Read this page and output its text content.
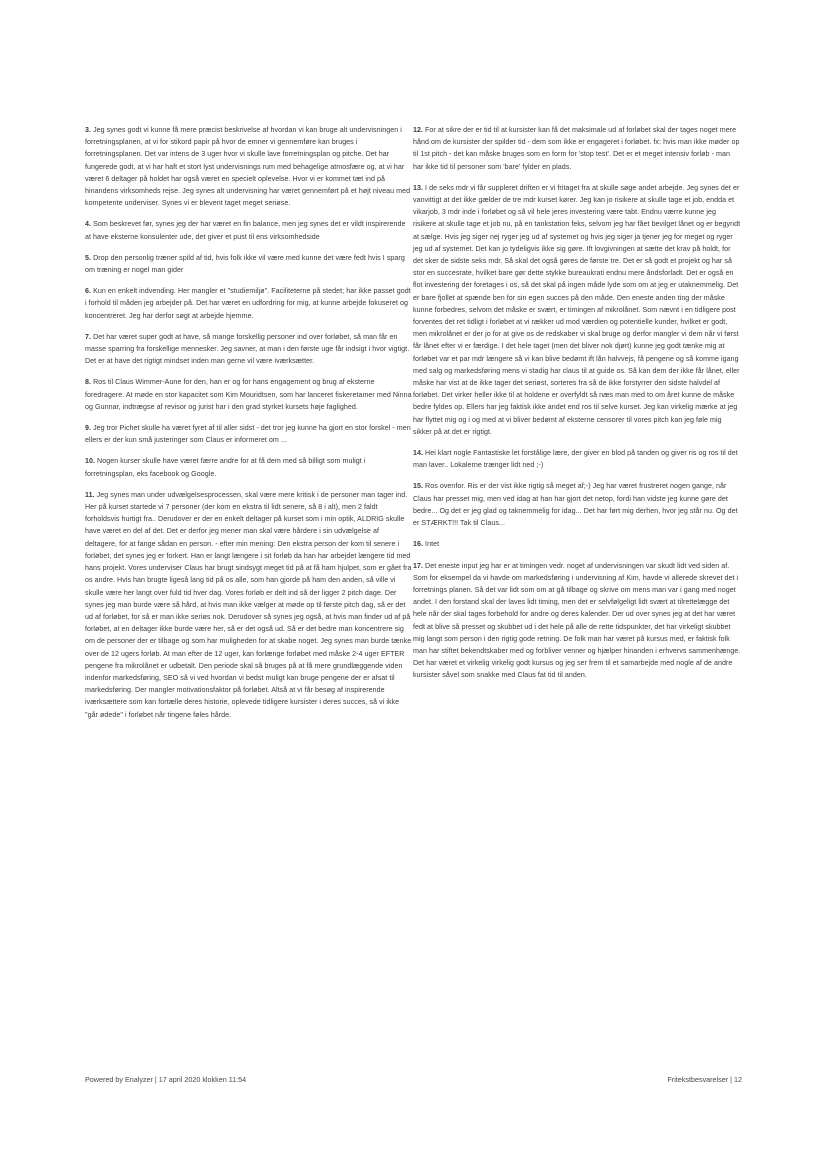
3. Jeg synes godt vi kunne få mere præcist beskrivelse af hvordan vi kan bruge alt undervisningen i forretningsplanen, at vi for stikord papir på hvor de emner vi gennemføre kan bruges i forretningsplanen. Det var intens de 3 uger hvor vi skulle lave forretningsplan og pitche. Det har fungerede godt, at vi har haft et stort lyst undervisnings rum med behagelige atmosfære og, at vi har været 6 deltager på holdet har også været en specielt oplevelse. Hvor vi er kommet tæt ind på hinandens virksomheds rejse. Jeg synes alt undervisning har været gennemført på et højt niveau med kompetente underviser. Synes vi er blevent taget meget seriøse.

4. Som beskrevet før, synes jeg der har været en fin balance, men jeg synes det er vildt inspirerende at have eksterne konsulenter ude, det giver et pust til ens virksomhedside

5. Drop den personlig træner spild af tid, hvis folk ikke vil være med kunne det være fedt hvis I sparg om træning er nogel man gider

6. Kun en enkelt indvending. Her mangler et "studiemiljø". Faciliteterne på stedet; har ikke passet godt i forhold til måden jeg arbejder på. Det har været en udfordring for mig, at kunne arbejde fokuseret og koncentreret. Jeg har derfor søgt at arbejde hjemme.

7. Det har været super godt at have, så mange forskellig personer ind over forløbet, så man får en masse sparring fra forskellige mennesker. Jeg savner, at man i den første uge får indsigt i hvor vigtigt. Det er at have det rigtigt mindset inden man gerne vil være iværksætter.

8. Ros til Claus Wimmer-Aune for den, han er og for hans engagement og brug af eksterne foredragere. At møde en stor kapacitet som Kim Mouridtsen, som har lanceret fiskeretamer med Ninna og Gunnar, indtrægse af revisor og jurist har i den grad styrket kursets høje faglighed.

9. Jeg tror Pichet skulle ha været fyret af til aller sidst - det tror jeg kunne ha gjort en stor forskel - men ellers er der kun små justeringer som Claus er informeret om ...

10. Nogen kurser skulle have været færre andre for at få dem med så billigt som muligt i forretningsplan, eks facebook og Google.

11. Jeg synes man under udvælgelsesprocessen, skal være mere kritisk i de personer man tager ind. Her på kurset startede vi 7 personer (der kom en ekstra til lidt senere, så 8 i alt), men 2 faldt forholdsvis hurtigt fra.. Derudover er der en enkelt deltager på kurset som i min optik, ALDRIG skulle have været en del af det. Det er derfor jeg mener man skal være hårdere i sin udvælgelse af deltagere, for at fange sådan en person. - efter min mening: Den ekstra person der kom til senere i forløbet, det synes jeg er forkert. Han er langt længere i sit forløb da han har arbejdet længere tid med hans projekt. Vores underviser Claus har brugt sindsygt meget tid på at få ham hjulpet, som er gået fra os andre. Hvis han brugte ligeså lang tid på os alle, som han gjorde på ham den anden, så ville vi skulle være her langt over fuld tid hver dag. Vores forløb er delt ind så der ligger 2 pitch dage. Der synes jeg man burde være så hård, at hvis man ikke vælger at møde op til første pitch dag, så er det ud af forløbet, for så er man ikke seriøs nok. Derudover så synes jeg også, at hvis man finder ud af på forløbet, at en deltager ikke burde være her, så er det også ud. Så er det bedre man koncentrere sig om de personer der er tilbage og som har muligheden for at skabe noget. Jeg synes man burde tænke over de 12 ugers forløb. At man efter de 12 uger, kan forlænge forløbet med måske 2-4 uger EFTER pengene fra mikrolånet er udbetalt. Den periode skal så bruges på at få mere grundlæggende viden indenfor markedsføring, SEO så vi ved hvordan vi bedst muligt kan bruge pengene der er afsat til markedsføring. Der mangler motivationsfaktor på forløbet. Altså at vi får besøg af inspirerende iværksættere som kan fortælle deres historie, oplevede tidligere kursister i deres succes, så vi ikke "går ødede" i forløbet når tingene føles hårde.

12. For at sikre der er tid til at kursister kan få det maksimale ud af forløbet skal der tages noget mere hånd om de kursister der spilder tid - dem som ikke er engageret i forløbet. fx: hvis man ikke møder op til 1st pitch - det kan måske bruges som en form for 'stop test'. Det er et meget intensiv forløb - man har ikke tid til personer som 'bare' fylder en plads.

13. I de seks mdr vi får suppleret driften er vi fritaget fra at skulle søge andet arbejde. Jeg synes det er vanvittigt at det ikke gælder de tre mdr kurset kører. Jeg kan jo risikere at skulle tage et job, endda et vikarjob, 3 mdr inde i forløbet og så vil hele jeres investering være tabt. Endnu værre kunne jeg risikere at skulle tage et job nu, på en tankstation feks, selvom jeg har fået bevilget lånet og er begyndt at sælge. Hvis jeg siger nej ryger jeg ud af systemet og hvis jeg siger ja tjener jeg for meget og ryger jeg ud af systemet. Det kan jo tydeligvis ikke sig gøre. Ift lovgivningen at sætte det krav på holdt, for det sker de sidste seks mdr. Så skal det også gøres de første tre. Det er så godt et projekt og har så stor en succesrate, hvilket bare gør dette stykke bureaukrati endnu mere åndsforladt. Det er også en flot investering der foretages i os, så det skal på ingen måde lyde som om at jeg er utaknemmelig. Det er bare fjollet at spænde ben for sin egen succes på den måde. Den eneste anden ting der måske kunne forbedres, selvom det måske er svært, er timingen af mikrolånet. Som nævnt i en tidligere post forventes det ret tidligt i forløbet at vi rækker ud mod værdien og potentielle kunder, hvilket er godt, men mikrolånet er der jo for at give os de redskaber vi skal bruge og derfor mangler vi dem når vi først får lånet efter vi er færdige. I det hele taget (men det bliver nok djørt) kunne jeg godt tænke mig at forløbet var et par mdr længere så vi kan blive bedømt ift lån halvvejs, få pengene og så komme igang med salg og markedsføring mens vi stadig har claus til at guide os. Så kan dem der ikke får lånet, eller måske har vist at de ikke tager det seriøst, sorteres fra så de ikke forstyrrer den sidste halvdel af forløbet. Det virker heller ikke til at holdene er overfyldt så næs man med to om året kunne de måske bedre fyldes op. Ellers har jeg faktisk ikke andet end ros til selve kurset. Jeg kan virkelig mærke at jeg har flyttet mig og i og med at vi bliver bedømt af eksterne censorer til vores pitch kan jeg føle mig sikker på at det er rigtigt.

14. Hei klart nogle Fantastiske let forstålige lære, der giver en blod på tanden og giver ris og ros til det man laver.. Lokalerne trænger lidt ned ;-)

15. Ros ovenfor. Ris er der vist ikke rigtig så meget af;-) Jeg har været frustreret nogen gange, når Claus har presset mig, men ved idag at han har gjort det netop, fordi han vidste jeg kunne gøre det bedre... Og det er jeg glad og taknemmelig for idag... Det har ført mig derhen, hvor jeg står nu. Og det er STÆRKT!!! Tak til Claus...

16. Intet

17. Det eneste input jeg har er at timingen vedr. noget af undervisningen var skudt lidt ved siden af. Som for eksempel da vi havde om markedsføring i undervisning af Kim, havde vi allerede skrevet det i forretnings planen. Så det var lidt som om at gå tilbage og skrive om mens man var i gang med noget andet. I den forstand skal der laves lidt timing, men det er selvfølgeligt lidt svært at tilrettelægge det hele når der skal tages forbehold for andre og deres kalender. Der ud over synes jeg at det har været fedt at blive så presset og skubbet ud i det hele på alle de rette tidspunkter, det har virkeligt skubbet mig langt som person i den rigtig gode retning. De folk man har været på kursus med, er faktisk folk man har stiftet bekendtskaber med og forbliver venner og hjælper hinanden i erhvervs sammenhænge. Det har været et virkelig virkelig godt kursus og jeg ser frem til et samarbejde med nogle af de andre kursister såvel som snakke med Claus fat tid til anden.

Powered by Enalyzer | 17 april 2020 klokken 11:54	Fritekstbesvarelser | 12
